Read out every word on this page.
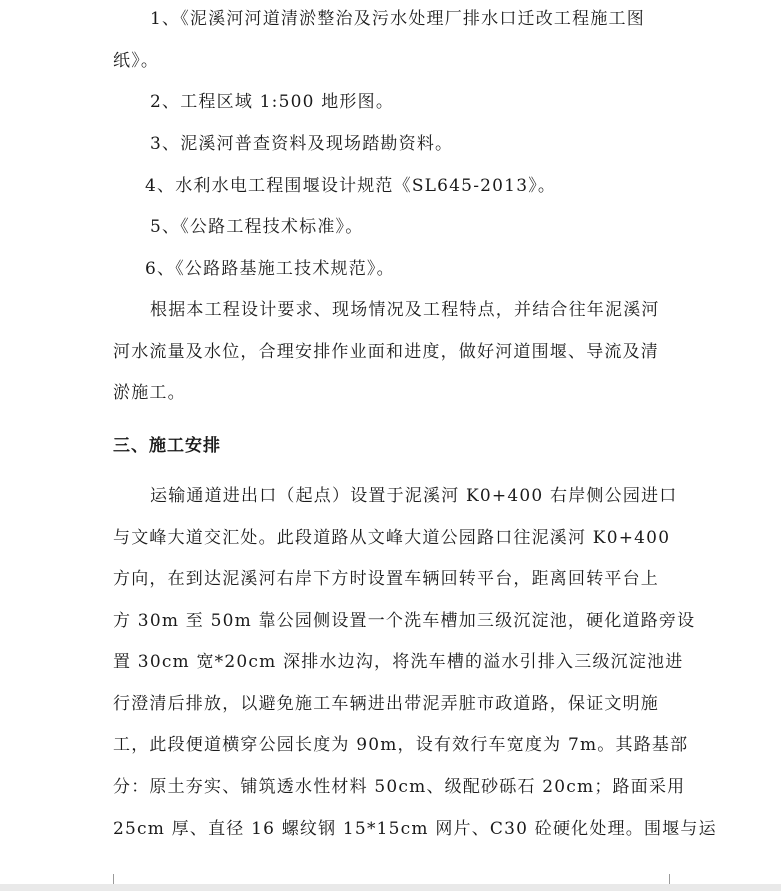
1、《泥溪河河道清淤整治及污水处理厂排水口迁改工程施工图
纸》。
2、工程区域 1:500 地形图。
3、泥溪河普查资料及现场踏勘资料。
4、水利水电工程围堰设计规范《SL645-2013》。
5、《公路工程技术标准》。
6、《公路路基施工技术规范》。
根据本工程设计要求、现场情况及工程特点，并结合往年泥溪河
河水流量及水位，合理安排作业面和进度，做好河道围堰、导流及清
淤施工。
三、施工安排
运输通道进出口（起点）设置于泥溪河 K0+400 右岸侧公园进口
与文峰大道交汇处。此段道路从文峰大道公园路口往泥溪河 K0+400
方向，在到达泥溪河右岸下方时设置车辆回转平台，距离回转平台上
方 30m 至 50m 靠公园侧设置一个洗车槽加三级沉淀池，硬化道路旁设
置 30cm 宽*20cm 深排水边沟，将洗车槽的溢水引排入三级沉淀池进
行澄清后排放，以避免施工车辆进出带泥弄脏市政道路，保证文明施
工，此段便道横穿公园长度为 90m，设有效行车宽度为 7m。其路基部
分：原土夯实、铺筑透水性材料 50cm、级配砂砾石 20cm；路面采用
25cm 厚、直径 16 螺纹钢 15*15cm 网片、C30 砼硬化处理。围堰与运
